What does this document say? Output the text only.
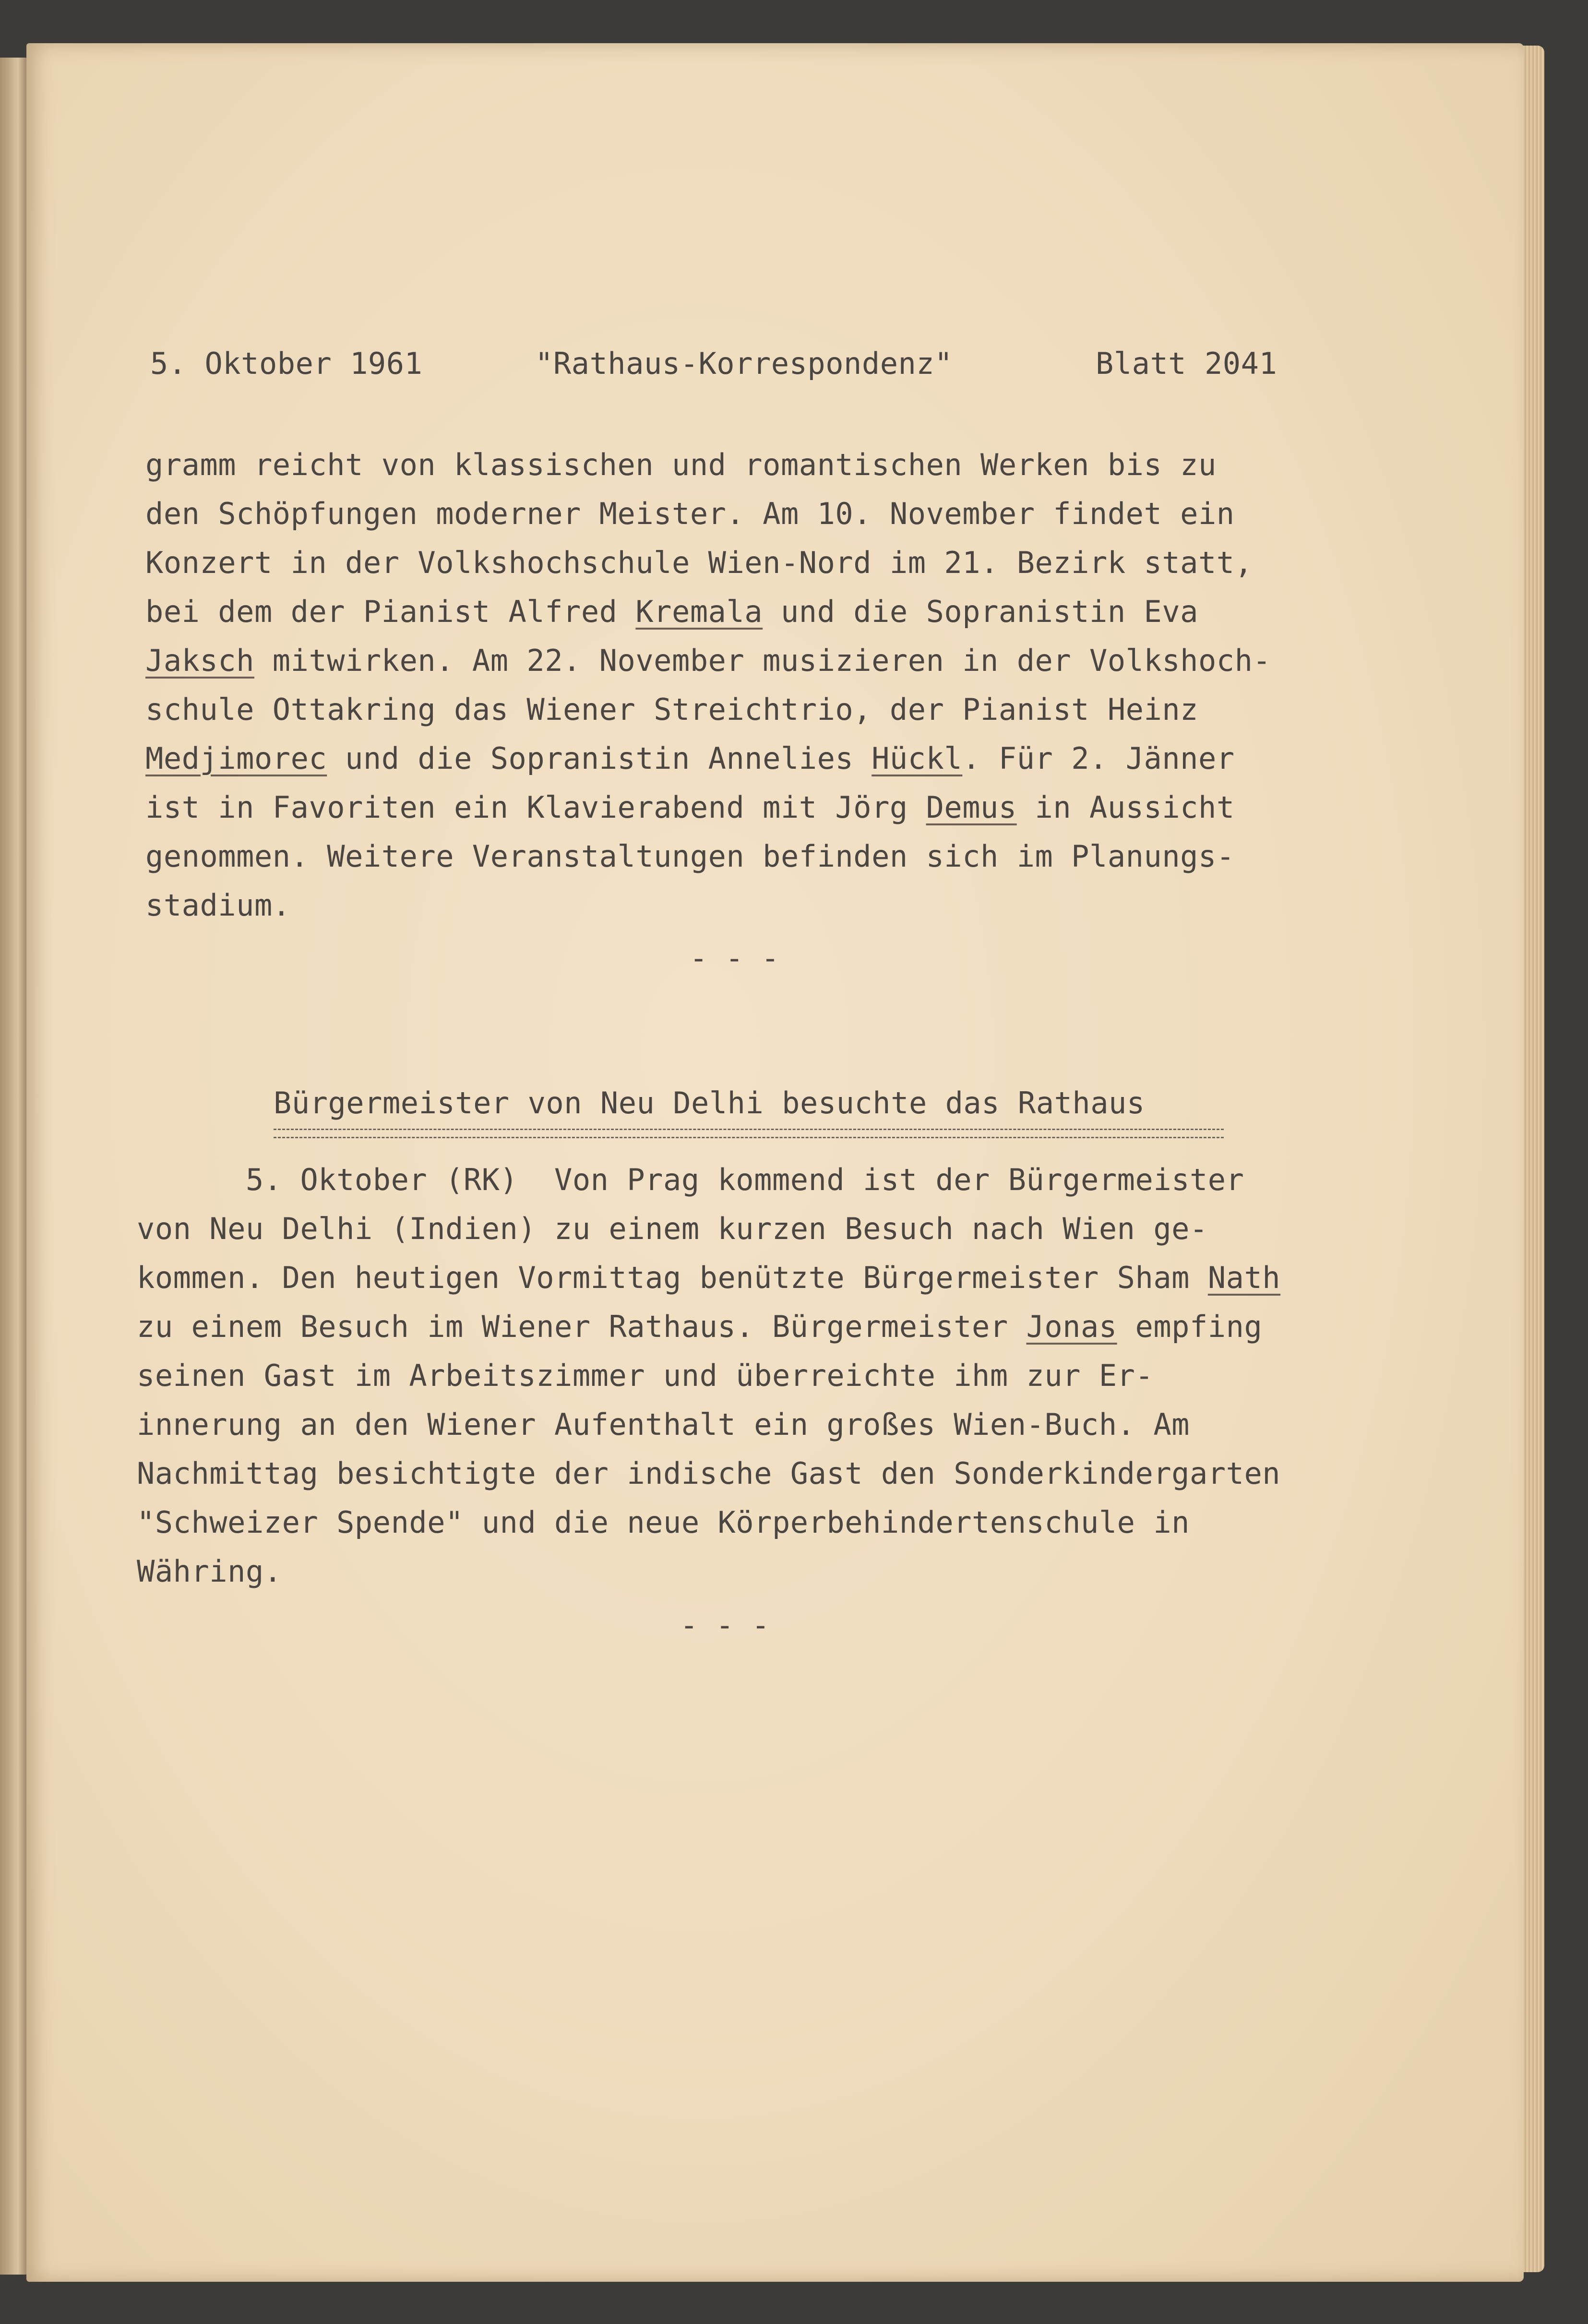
5. Oktober 1961	"Rathaus-Korrespondenz"	Blatt 2041

gramm reicht von klassischen und romantischen Werken bis zu

den Schöpfungen moderner Meister. Am 10. November findet ein

Konzert in der Volkshochschule Wien-Nord im 21. Bezirk statt,

bei dem der Pianist Alfred Kremala und die Sopranistin Eva

Jaksch mitwirken. Am 22. November musizieren in der Volkshoch-

schule Ottakring das Wiener Streichtrio, der Pianist Heinz

Medjimorec und die Sopranistin Annelies Hückl. Für 2. Jänner

ist in Favoriten ein Klavierabend mit Jörg Demus in Aussicht

genommen. Weitere Veranstaltungen befinden sich im Planungs-

stadium.

- - -
Bürgermeister von Neu Delhi besuchte das Rathaus

5. Oktober (RK)  Von Prag kommend ist der Bürgermeister

von Neu Delhi (Indien) zu einem kurzen Besuch nach Wien ge-

kommen. Den heutigen Vormittag benützte Bürgermeister Sham Nath

zu einem Besuch im Wiener Rathaus. Bürgermeister Jonas empfing

seinen Gast im Arbeitszimmer und überreichte ihm zur Er-

innerung an den Wiener Aufenthalt ein großes Wien-Buch. Am

Nachmittag besichtigte der indische Gast den Sonderkindergarten

"Schweizer Spende" und die neue Körperbehindertenschule in

Währing.

- - -
